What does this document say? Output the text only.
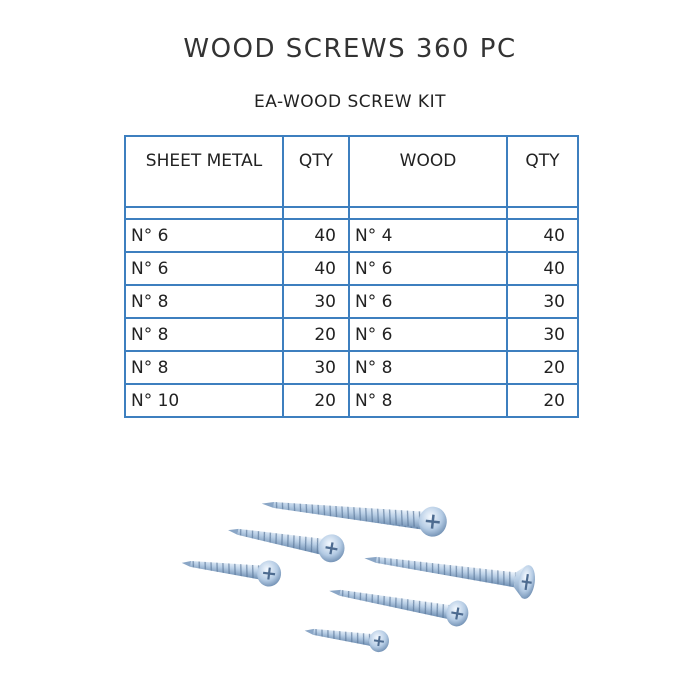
WOOD SCREWS 360 PC
EA-WOOD SCREW KIT
SHEET METAL	QTY	WOOD	QTY

N° 6	40	N° 4	40
N° 6	40	N° 6	40
N° 8	30	N° 6	30
N° 8	20	N° 6	30
N° 8	30	N° 8	20
N° 10	20	N° 8	20
